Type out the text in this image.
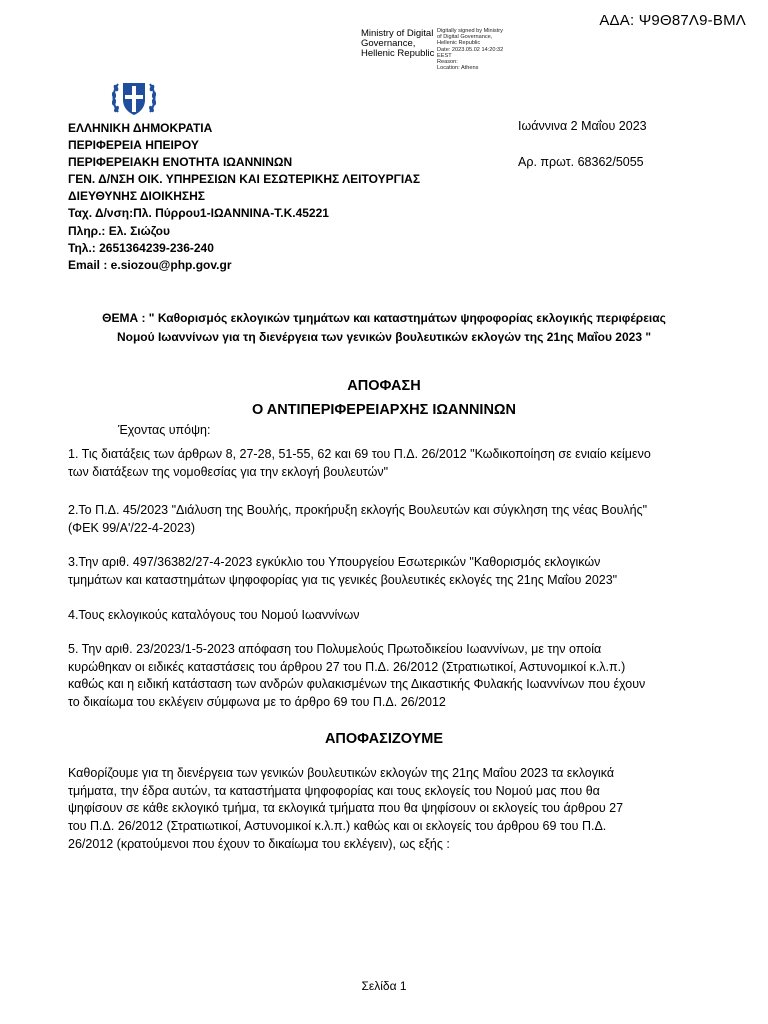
ΑΔΑ: Ψ9Θ87Λ9-ΒΜΛ
Ministry of Digital
Governance,
Hellenic Republic
Digitally signed by Ministry
of Digital Governance,
Hellenic Republic
Date: 2023.05.02 14:20:32
EEST
Reason:
Location: Athens
ΕΛΛΗΝΙΚΗ ΔΗΜΟΚΡΑΤΙΑ
ΠΕΡΙΦΕΡΕΙΑ ΗΠΕΙΡΟΥ
ΠΕΡΙΦΕΡΕΙΑΚΗ ΕΝΟΤΗΤΑ ΙΩΑΝΝΙΝΩΝ
ΓΕΝ. Δ/ΝΣΗ ΟΙΚ. ΥΠΗΡΕΣΙΩΝ ΚΑΙ ΕΣΩΤΕΡΙΚΗΣ ΛΕΙΤΟΥΡΓΙΑΣ
ΔΙΕΥΘΥΝΗΣ ΔΙΟΙΚΗΣΗΣ
Ταχ. Δ/νση:Πλ. Πύρρου1-ΙΩΑΝΝΙΝΑ-Τ.Κ.45221
Πληρ.: Ελ. Σιώζου
Τηλ.: 2651364239-236-240
Email : e.siozou@php.gov.gr
Ιωάννινα 2 Μαΐου 2023
Αρ. πρωτ. 68362/5055
ΘΕΜΑ : " Καθορισμός εκλογικών τμημάτων και καταστημάτων ψηφοφορίας εκλογικής περιφέρειας
Νομού Ιωαννίνων για τη διενέργεια των γενικών βουλευτικών εκλογών της 21ης Μαΐου 2023 "
ΑΠΟΦΑΣΗ
Ο ΑΝΤΙΠΕΡΙΦΕΡΕΙΑΡΧΗΣ ΙΩΑΝΝΙΝΩΝ
Έχοντας υπόψη:
1. Τις διατάξεις των άρθρων 8, 27-28, 51-55, 62 και 69 του Π.Δ. 26/2012 "Κωδικοποίηση σε ενιαίο κείμενο
των διατάξεων της νομοθεσίας για την εκλογή βουλευτών"
2.Το Π.Δ. 45/2023 "Διάλυση της Βουλής, προκήρυξη εκλογής Βουλευτών και σύγκληση της νέας Βουλής"
(ΦΕΚ 99/Α'/22-4-2023)
3.Την αριθ. 497/36382/27-4-2023 εγκύκλιο του Υπουργείου Εσωτερικών "Καθορισμός εκλογικών
τμημάτων και καταστημάτων ψηφοφορίας για τις γενικές βουλευτικές εκλογές της 21ης Μαΐου 2023"
4.Τους εκλογικούς καταλόγους του Νομού Ιωαννίνων
5. Την αριθ. 23/2023/1-5-2023 απόφαση του Πολυμελούς Πρωτοδικείου Ιωαννίνων, με την οποία
κυρώθηκαν οι ειδικές καταστάσεις του άρθρου 27 του Π.Δ. 26/2012 (Στρατιωτικοί, Αστυνομικοί κ.λ.π.)
καθώς και η ειδική κατάσταση των ανδρών φυλακισμένων της Δικαστικής Φυλακής Ιωαννίνων που έχουν
το δικαίωμα του εκλέγειν σύμφωνα με το άρθρο 69 του Π.Δ. 26/2012
ΑΠΟΦΑΣΙΖΟΥΜΕ
Καθορίζουμε για τη διενέργεια των γενικών βουλευτικών εκλογών της 21ης Μαΐου 2023 τα εκλογικά
τμήματα, την έδρα αυτών, τα καταστήματα ψηφοφορίας και τους εκλογείς του Νομού μας που θα
ψηφίσουν σε κάθε εκλογικό τμήμα, τα εκλογικά τμήματα που θα ψηφίσουν οι εκλογείς του άρθρου 27
του Π.Δ. 26/2012 (Στρατιωτικοί, Αστυνομικοί κ.λ.π.) καθώς και οι εκλογείς του άρθρου 69 του Π.Δ.
26/2012 (κρατούμενοι που έχουν το δικαίωμα του εκλέγειν), ως εξής :
Σελίδα 1
